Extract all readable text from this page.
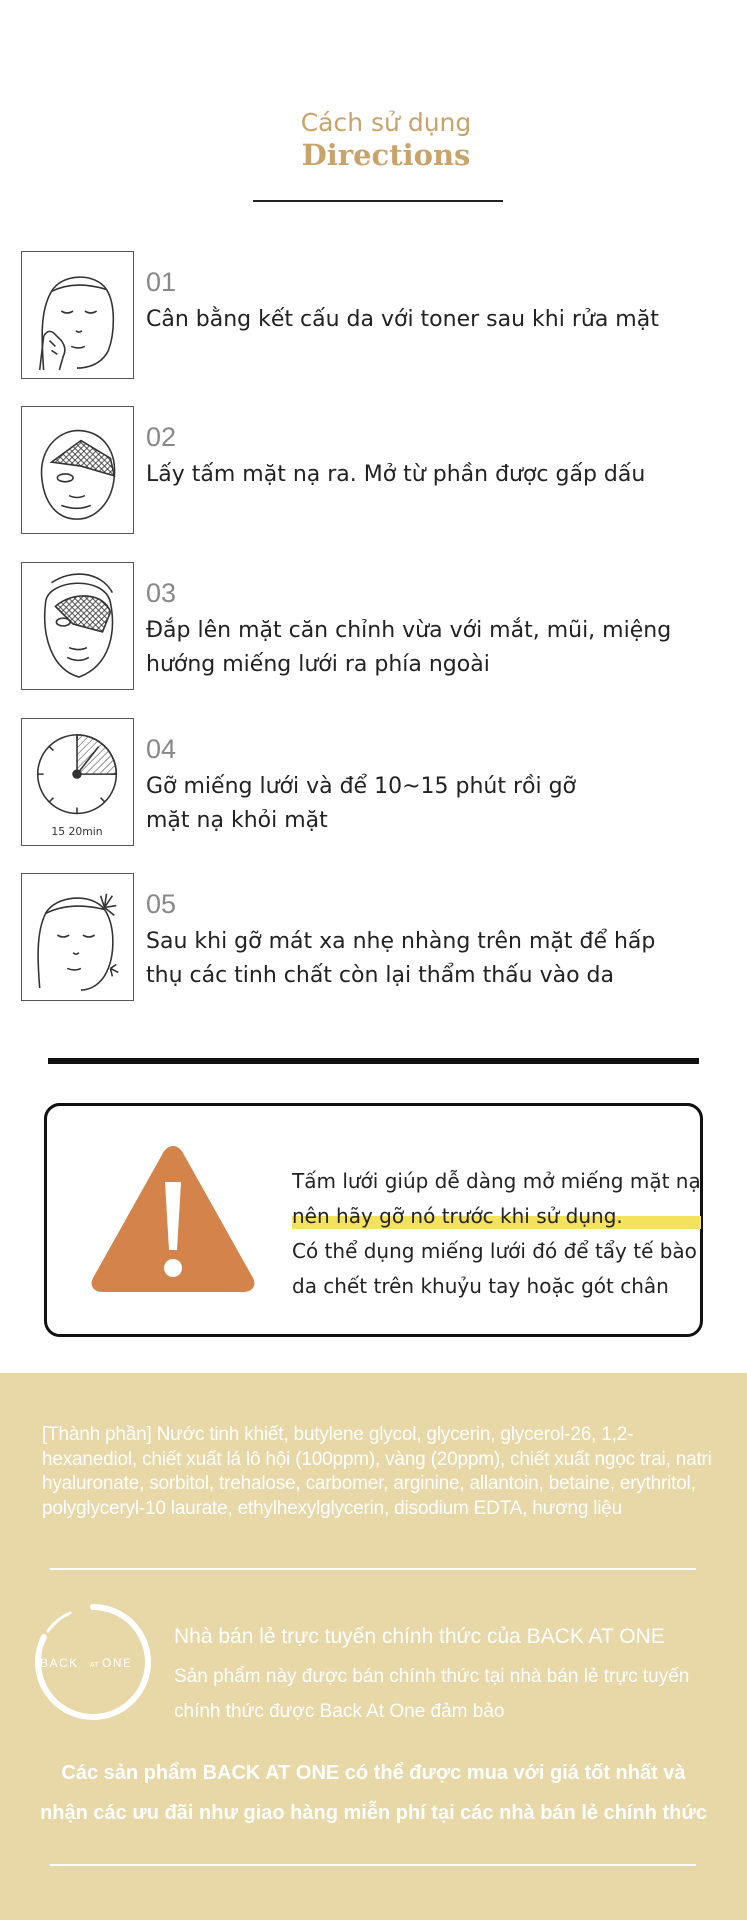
Cách sử dụng
Directions
01
Cân bằng kết cấu da với toner sau khi rửa mặt
02
Lấy tấm mặt nạ ra. Mở từ phần được gấp dấu
03
Đắp lên mặt căn chỉnh vừa với mắt, mũi, miệng
hướng miếng lưới ra phía ngoài
15 20min
04
Gỡ miếng lưới và để 10~15 phút rồi gỡ
mặt nạ khỏi mặt
05
Sau khi gỡ mát xa nhẹ nhàng trên mặt để hấp
thụ các tinh chất còn lại thẩm thấu vào da
Tấm lưới giúp dễ dàng mở miếng mặt nạ
nên hãy gỡ nó trước khi sử dụng.
Có thể dụng miếng lưới đó để tẩy tế bào
da chết trên khuỷu tay hoặc gót chân
[Thành phần] Nước tinh khiết, butylene glycol, glycerin, glycerol-26, 1,2-hexanediol, chiết xuất lá lô hội (100ppm), vàng (20ppm), chiết xuất ngọc trai, natri hyaluronate, sorbitol, trehalose, carbomer, arginine, allantoin, betaine, erythritol, polyglyceryl-10 laurate, ethylhexylglycerin, disodium EDTA, hương liệu
BACK AT ONE
Nhà bán lẻ trực tuyến chính thức của BACK AT ONE
Sản phẩm này được bán chính thức tại nhà bán lẻ trực tuyến
chính thức được Back At One đảm bảo
Các sản phẩm BACK AT ONE có thể được mua với giá tốt nhất và
nhận các ưu đãi như giao hàng miễn phí tại các nhà bán lẻ chính thức
